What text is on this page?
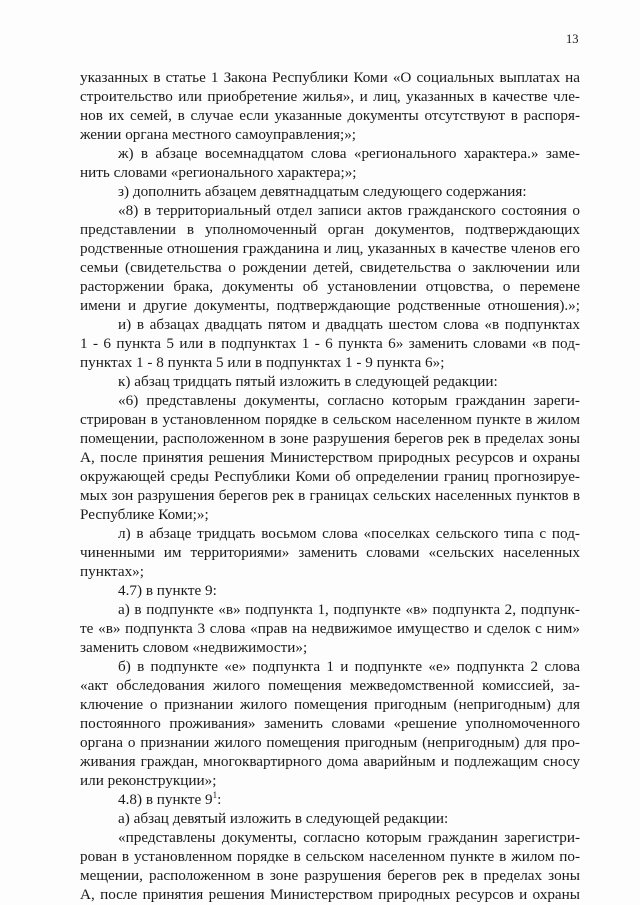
13
указанных в статье 1 Закона Республики Коми «О социальных выплатах на
строительство или приобретение жилья», и лиц, указанных в качестве чле-
нов их семей, в случае если указанные документы отсутствуют в распоря-
жении органа местного самоуправления;»;
ж) в абзаце восемнадцатом слова «регионального характера.» заме-
нить словами «регионального характера;»;
з) дополнить абзацем девятнадцатым следующего содержания:
«8) в территориальный отдел записи актов гражданского состояния о
представлении в уполномоченный орган документов, подтверждающих
родственные отношения гражданина и лиц, указанных в качестве членов его
семьи (свидетельства о рождении детей, свидетельства о заключении или
расторжении брака, документы об установлении отцовства, о перемене
имени и другие документы, подтверждающие родственные отношения).»;
и) в абзацах двадцать пятом и двадцать шестом слова «в подпунктах
1 - 6 пункта 5 или в подпунктах 1 - 6 пункта 6» заменить словами «в под-
пунктах 1 - 8 пункта 5 или в подпунктах 1 - 9 пункта 6»;
к) абзац тридцать пятый изложить в следующей редакции:
«6) представлены документы, согласно которым гражданин зареги-
стрирован в установленном порядке в сельском населенном пункте в жилом
помещении, расположенном в зоне разрушения берегов рек в пределах зоны
А, после принятия решения Министерством природных ресурсов и охраны
окружающей среды Республики Коми об определении границ прогнозируе-
мых зон разрушения берегов рек в границах сельских населенных пунктов в
Республике Коми;»;
л) в абзаце тридцать восьмом слова «поселках сельского типа с под-
чиненными им территориями» заменить словами «сельских населенных
пунктах»;
4.7) в пункте 9:
а) в подпункте «в» подпункта 1, подпункте «в» подпункта 2, подпунк-
те «в» подпункта 3 слова «прав на недвижимое имущество и сделок с ним»
заменить словом «недвижимости»;
б) в подпункте «е» подпункта 1 и подпункте «е» подпункта 2 слова
«акт обследования жилого помещения межведомственной комиссией, за-
ключение о признании жилого помещения пригодным (непригодным) для
постоянного проживания» заменить словами «решение уполномоченного
органа о признании жилого помещения пригодным (непригодным) для про-
живания граждан, многоквартирного дома аварийным и подлежащим сносу
или реконструкции»;
4.8) в пункте $9^1$:
а) абзац девятый изложить в следующей редакции:
«представлены документы, согласно которым гражданин зарегистри-
рован в установленном порядке в сельском населенном пункте в жилом по-
мещении, расположенном в зоне разрушения берегов рек в пределах зоны
А, после принятия решения Министерством природных ресурсов и охраны
